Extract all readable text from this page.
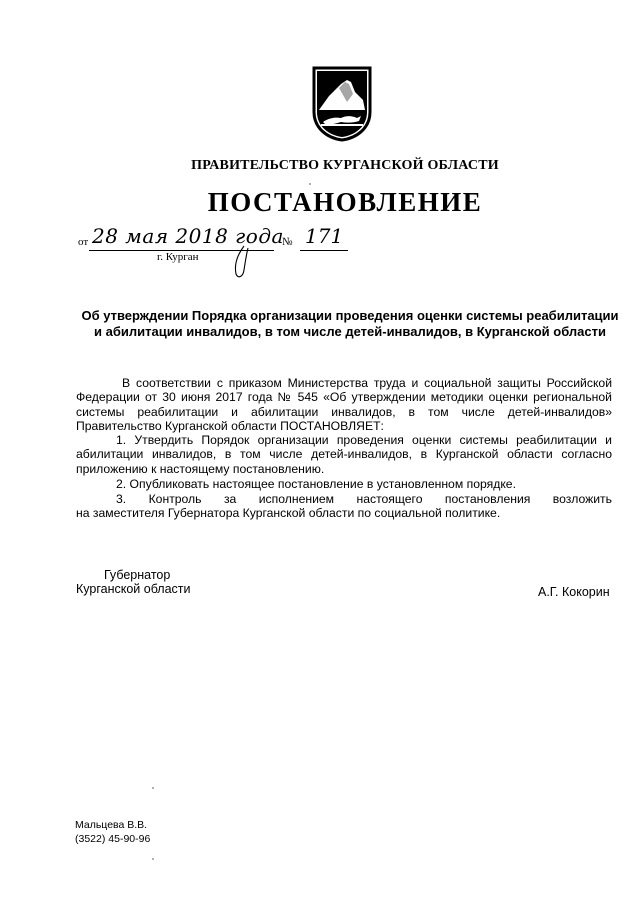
ПРАВИТЕЛЬСТВО КУРГАНСКОЙ ОБЛАСТИ
ПОСТАНОВЛЕНИЕ
от 28 мая 2018 года
№ 171
г. Курган
Об утверждении Порядка организации проведения оценки системы реабилитации
и абилитации инвалидов, в том числе детей-инвалидов, в Курганской области
В соответствии с приказом Министерства труда и социальной защиты Российской Федерации от 30 июня 2017 года № 545 «Об утверждении методики оценки региональной системы реабилитации и абилитации инвалидов, в том числе детей-инвалидов» Правительство Курганской области ПОСТАНОВЛЯЕТ:
1. Утвердить Порядок организации проведения оценки системы реабилитации и абилитации инвалидов, в том числе детей-инвалидов, в Курганской области согласно приложению к настоящему постановлению.
2. Опубликовать настоящее постановление в установленном порядке.
3. Контроль за исполнением настоящего постановления возложить
на заместителя Губернатора Курганской области по социальной политике.
Губернатор
Курганской области	А.Г. Кокорин
Мальцева В.В.
(3522) 45-90-96
